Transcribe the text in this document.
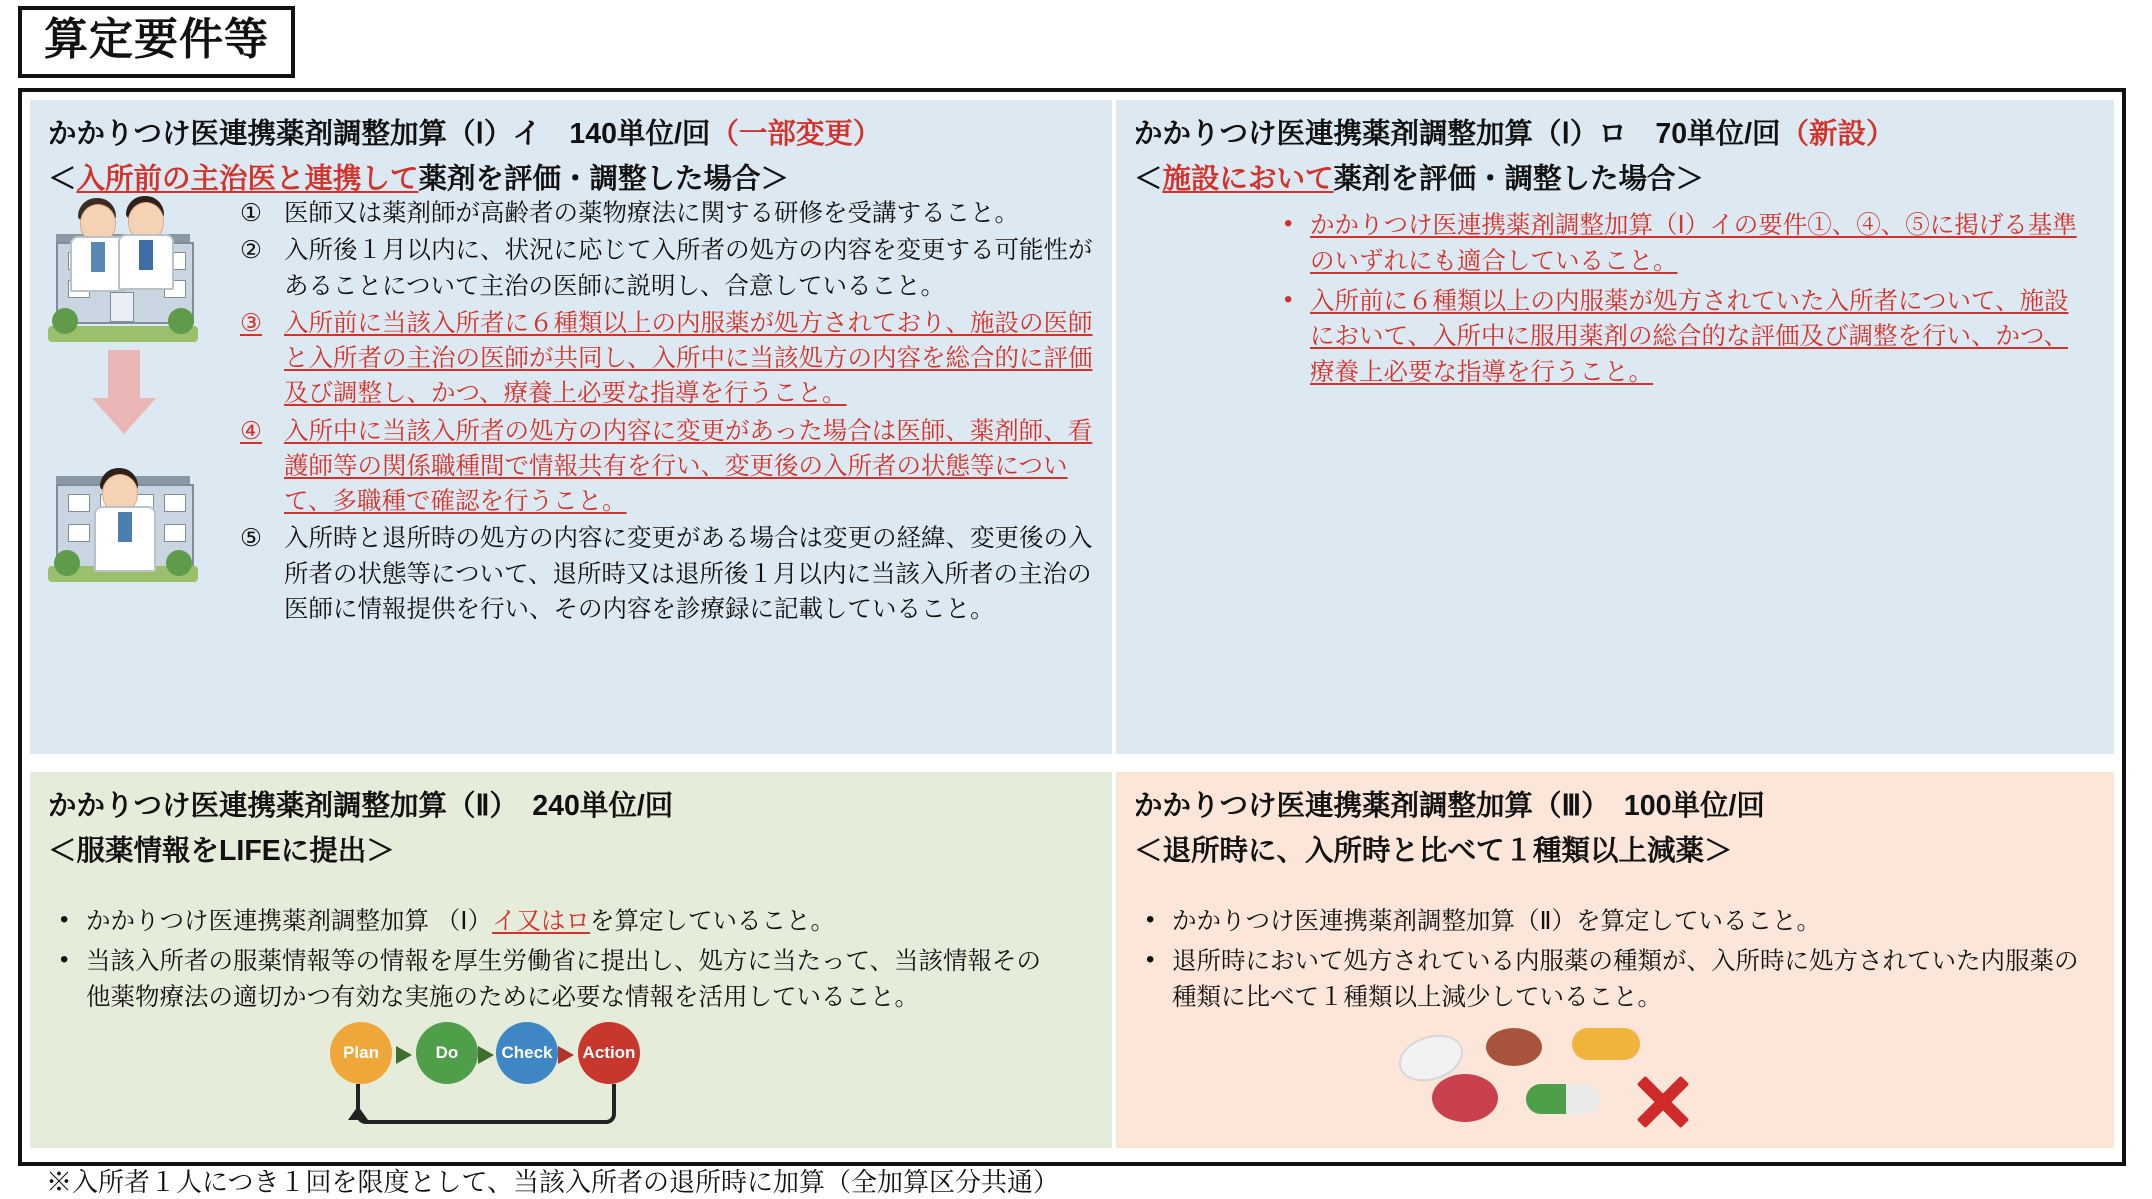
算定要件等
かかりつけ医連携薬剤調整加算（Ⅰ）イ　140単位/回（一部変更）
＜入所前の主治医と連携して薬剤を評価・調整した場合＞
① 医師又は薬剤師が高齢者の薬物療法に関する研修を受講すること。
② 入所後１月以内に、状況に応じて入所者の処方の内容を変更する可能性があることについて主治の医師に説明し、合意していること。
③ 入所前に当該入所者に６種類以上の内服薬が処方されており、施設の医師と入所者の主治の医師が共同し、入所中に当該処方の内容を総合的に評価及び調整し、かつ、療養上必要な指導を行うこと。
④ 入所中に当該入所者の処方の内容に変更があった場合は医師、薬剤師、看護師等の関係職種間で情報共有を行い、変更後の入所者の状態等について、多職種で確認を行うこと。
⑤ 入所時と退所時の処方の内容に変更がある場合は変更の経緯、変更後の入所者の状態等について、退所時又は退所後１月以内に当該入所者の主治の医師に情報提供を行い、その内容を診療録に記載していること。
かかりつけ医連携薬剤調整加算（Ⅰ）ロ　70単位/回（新設）
＜施設において薬剤を評価・調整した場合＞
• かかりつけ医連携薬剤調整加算（Ⅰ）イの要件①、④、⑤に掲げる基準のいずれにも適合していること。
• 入所前に６種類以上の内服薬が処方されていた入所者について、施設において、入所中に服用薬剤の総合的な評価及び調整を行い、かつ、療養上必要な指導を行うこと。
かかりつけ医連携薬剤調整加算（Ⅱ）　240単位/回
＜服薬情報をLIFEに提出＞
• かかりつけ医連携薬剤調整加算 （Ⅰ）イ又はロを算定していること。
• 当該入所者の服薬情報等の情報を厚生労働省に提出し、処方に当たって、当該情報その他薬物療法の適切かつ有効な実施のために必要な情報を活用していること。
Plan	Do	Check	Action
かかりつけ医連携薬剤調整加算（Ⅲ）　100単位/回
＜退所時に、入所時と比べて１種類以上減薬＞
• かかりつけ医連携薬剤調整加算（Ⅱ）を算定していること。
• 退所時において処方されている内服薬の種類が、入所時に処方されていた内服薬の種類に比べて１種類以上減少していること。
※入所者１人につき１回を限度として、当該入所者の退所時に加算（全加算区分共通）
